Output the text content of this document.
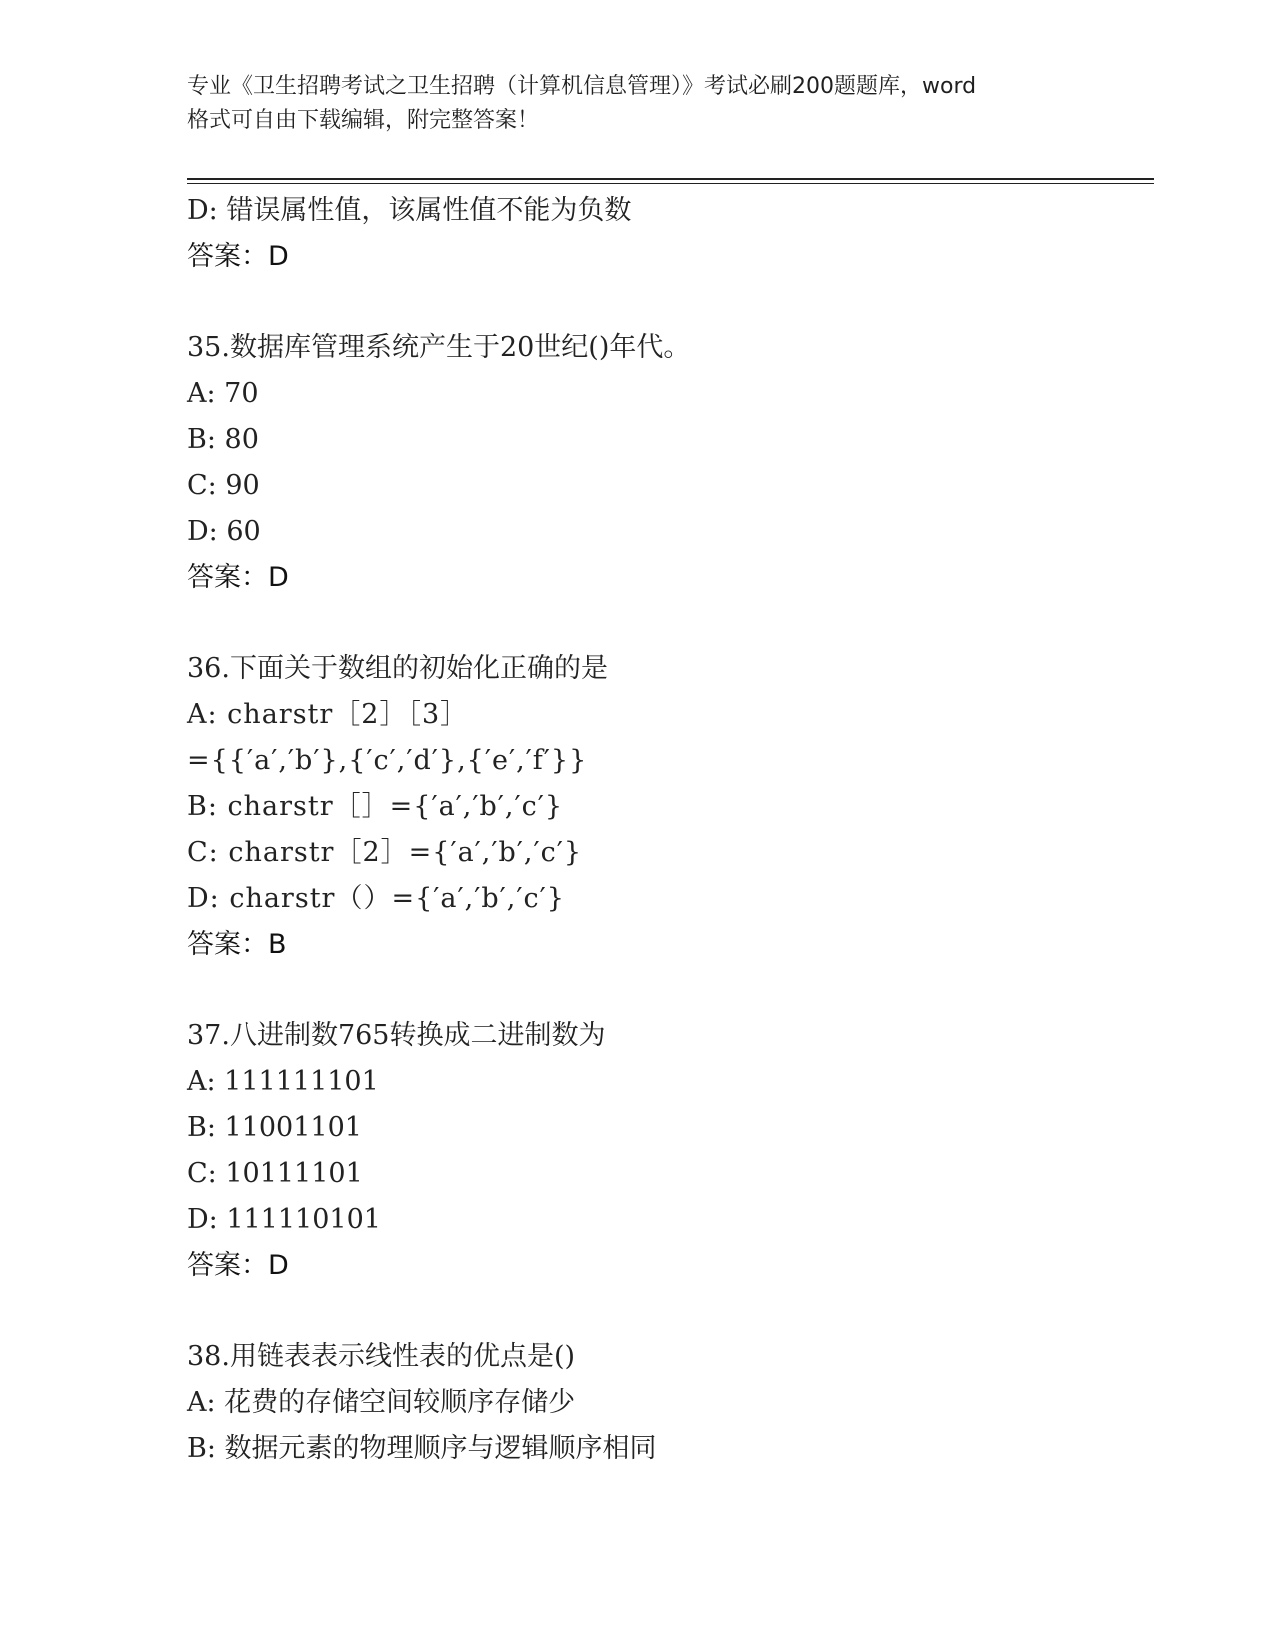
专业《卫生招聘考试之卫生招聘（计算机信息管理）》考试必刷200题题库，word
格式可自由下载编辑，附完整答案！
D: 错误属性值，该属性值不能为负数
答案：D
35.数据库管理系统产生于20世纪()年代。
A: 70
B: 80
C: 90
D: 60
答案：D
36.下面关于数组的初始化正确的是
A: charstr［2］［3］
={{′a′,′b′},{′c′,′d′},{′e′,′f′}}
B: charstr［］={′a′,′b′,′c′}
C: charstr［2］={′a′,′b′,′c′}
D: charstr（）={′a′,′b′,′c′}
答案：B
37.八进制数765转换成二进制数为
A: 111111101
B: 11001101
C: 10111101
D: 111110101
答案：D
38.用链表表示线性表的优点是()
A: 花费的存储空间较顺序存储少
B: 数据元素的物理顺序与逻辑顺序相同
